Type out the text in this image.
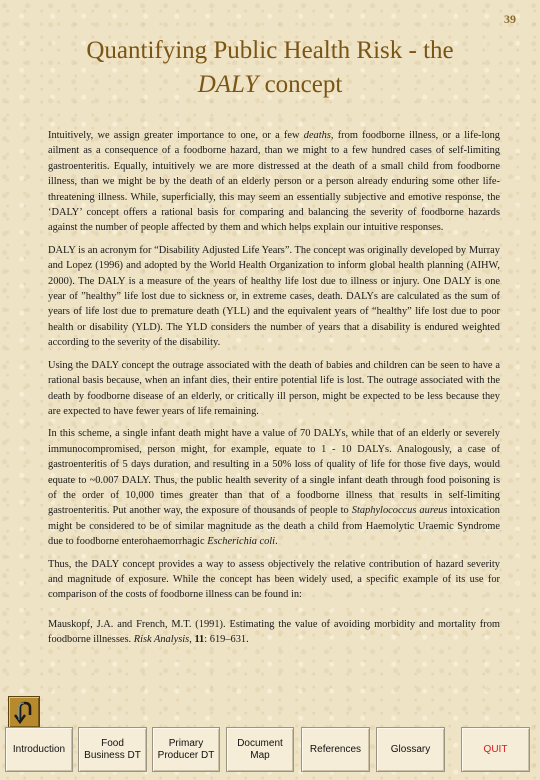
39
Quantifying Public Health Risk - the
DALY concept

Intuitively, we assign greater importance to one, or a few deaths, from foodborne illness, or a life-long ailment as a consequence of a foodborne hazard, than we might to a few hundred cases of self-limiting gastroenteritis. Equally, intuitively we are more distressed at the death of a small child from foodborne illness, than we might be by the death of an elderly person or a person already enduring some other life-threatening illness. While, superficially, this may seem an essentially subjective and emotive response, the ‘DALY’ concept offers a rational basis for comparing and balancing the severity of foodborne hazards against the number of people affected by them and which helps explain our intuitive responses.

DALY is an acronym for “Disability Adjusted Life Years”. The concept was originally developed by Murray and Lopez (1996) and adopted by the World Health Organization to inform global health planning (AIHW, 2000). The DALY is a measure of the years of healthy life lost due to illness or injury. One DALY is one year of ”healthy” life lost due to sickness or, in extreme cases, death. DALYs are calculated as the sum of years of life lost due to premature death (YLL) and the equivalent years of “healthy” life lost due to poor health or disability (YLD). The YLD considers the number of years that a disability is endured weighted according to the severity of the disability.

Using the DALY concept the outrage associated with the death of babies and children can be seen to have a rational basis because, when an infant dies, their entire potential life is lost. The outrage associated with the death by foodborne disease of an elderly, or critically ill person, might be expected to be less because they are expected to have fewer years of life remaining.

In this scheme, a single infant death might have a value of 70 DALYs, while that of an elderly or severely immunocompromised, person might, for example, equate to 1 - 10 DALYs. Analogously, a case of gastroenteritis of 5 days duration, and resulting in a 50% loss of quality of life for those five days, would equate to ~0.007 DALY. Thus, the public health severity of a single infant death through food poisoning is of the order of 10,000 times greater than that of a foodborne illness that results in self-limiting gastroenteritis. Put another way, the exposure of thousands of people to Staphylococcus aureus intoxication might be considered to be of similar magnitude as the death a child from Haemolytic Uraemic Syndrome due to foodborne enterohaemorrhagic Escherichia coli.

Thus, the DALY concept provides a way to assess objectively the relative contribution of hazard severity and magnitude of exposure. While the concept has been widely used, a specific example of its use for comparison of the costs of foodborne illness can be found in:

Mauskopf, J.A. and French, M.T. (1991). Estimating the value of avoiding morbidity and mortality from foodborne illnesses. Risk Analysis, 11: 619–631.

Introduction
Food
Business DT
Primary
Producer DT
Document
Map
References	Glossary	QUIT
